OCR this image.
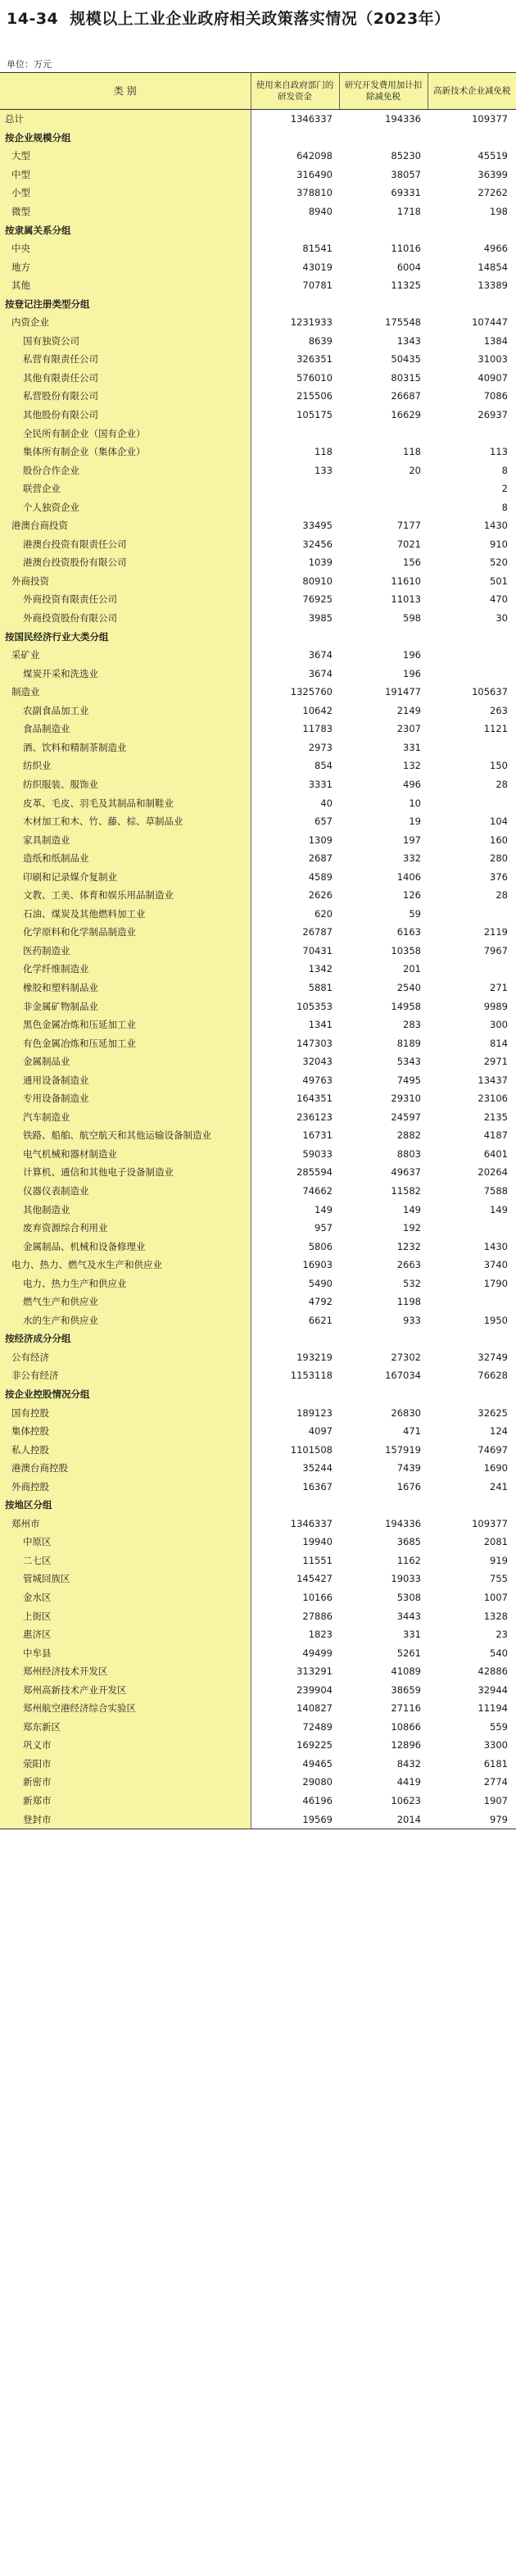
14-34 规模以上工业企业政府相关政策落实情况（2023年）
单位：万元
类 别	使用来自政府部门的研发资金	研究开发费用加计扣除减免税	高新技术企业减免税
总计	1346337	194336	109377
按企业规模分组			
大型	642098	85230	45519
中型	316490	38057	36399
小型	378810	69331	27262
微型	8940	1718	198
按隶属关系分组			
中央	81541	11016	4966
地方	43019	6004	14854
其他	70781	11325	13389
按登记注册类型分组			
内资企业	1231933	175548	107447
国有独资公司	8639	1343	1384
私营有限责任公司	326351	50435	31003
其他有限责任公司	576010	80315	40907
私营股份有限公司	215506	26687	7086
其他股份有限公司	105175	16629	26937
全民所有制企业（国有企业）			
集体所有制企业（集体企业）	118	118	113
股份合作企业	133	20	8
联营企业			2
个人独资企业			8
港澳台商投资	33495	7177	1430
港澳台投资有限责任公司	32456	7021	910
港澳台投资股份有限公司	1039	156	520
外商投资	80910	11610	501
外商投资有限责任公司	76925	11013	470
外商投资股份有限公司	3985	598	30
按国民经济行业大类分组			
采矿业	3674	196	
煤炭开采和洗选业	3674	196	
制造业	1325760	191477	105637
农副食品加工业	10642	2149	263
食品制造业	11783	2307	1121
酒、饮料和精制茶制造业	2973	331	
纺织业	854	132	150
纺织服装、服饰业	3331	496	28
皮革、毛皮、羽毛及其制品和制鞋业	40	10	
木材加工和木、竹、藤、棕、草制品业	657	19	104
家具制造业	1309	197	160
造纸和纸制品业	2687	332	280
印刷和记录媒介复制业	4589	1406	376
文教、工美、体育和娱乐用品制造业	2626	126	28
石油、煤炭及其他燃料加工业	620	59	
化学原料和化学制品制造业	26787	6163	2119
医药制造业	70431	10358	7967
化学纤维制造业	1342	201	
橡胶和塑料制品业	5881	2540	271
非金属矿物制品业	105353	14958	9989
黑色金属冶炼和压延加工业	1341	283	300
有色金属冶炼和压延加工业	147303	8189	814
金属制品业	32043	5343	2971
通用设备制造业	49763	7495	13437
专用设备制造业	164351	29310	23106
汽车制造业	236123	24597	2135
铁路、船舶、航空航天和其他运输设备制造业	16731	2882	4187
电气机械和器材制造业	59033	8803	6401
计算机、通信和其他电子设备制造业	285594	49637	20264
仪器仪表制造业	74662	11582	7588
其他制造业	149	149	149
废弃资源综合利用业	957	192	
金属制品、机械和设备修理业	5806	1232	1430
电力、热力、燃气及水生产和供应业	16903	2663	3740
电力、热力生产和供应业	5490	532	1790
燃气生产和供应业	4792	1198	
水的生产和供应业	6621	933	1950
按经济成分分组			
公有经济	193219	27302	32749
非公有经济	1153118	167034	76628
按企业控股情况分组			
国有控股	189123	26830	32625
集体控股	4097	471	124
私人控股	1101508	157919	74697
港澳台商控股	35244	7439	1690
外商控股	16367	1676	241
按地区分组			
郑州市	1346337	194336	109377
中原区	19940	3685	2081
二七区	11551	1162	919
管城回族区	145427	19033	755
金水区	10166	5308	1007
上街区	27886	3443	1328
惠济区	1823	331	23
中牟县	49499	5261	540
郑州经济技术开发区	313291	41089	42886
郑州高新技术产业开发区	239904	38659	32944
郑州航空港经济综合实验区	140827	27116	11194
郑东新区	72489	10866	559
巩义市	169225	12896	3300
荥阳市	49465	8432	6181
新密市	29080	4419	2774
新郑市	46196	10623	1907
登封市	19569	2014	979
